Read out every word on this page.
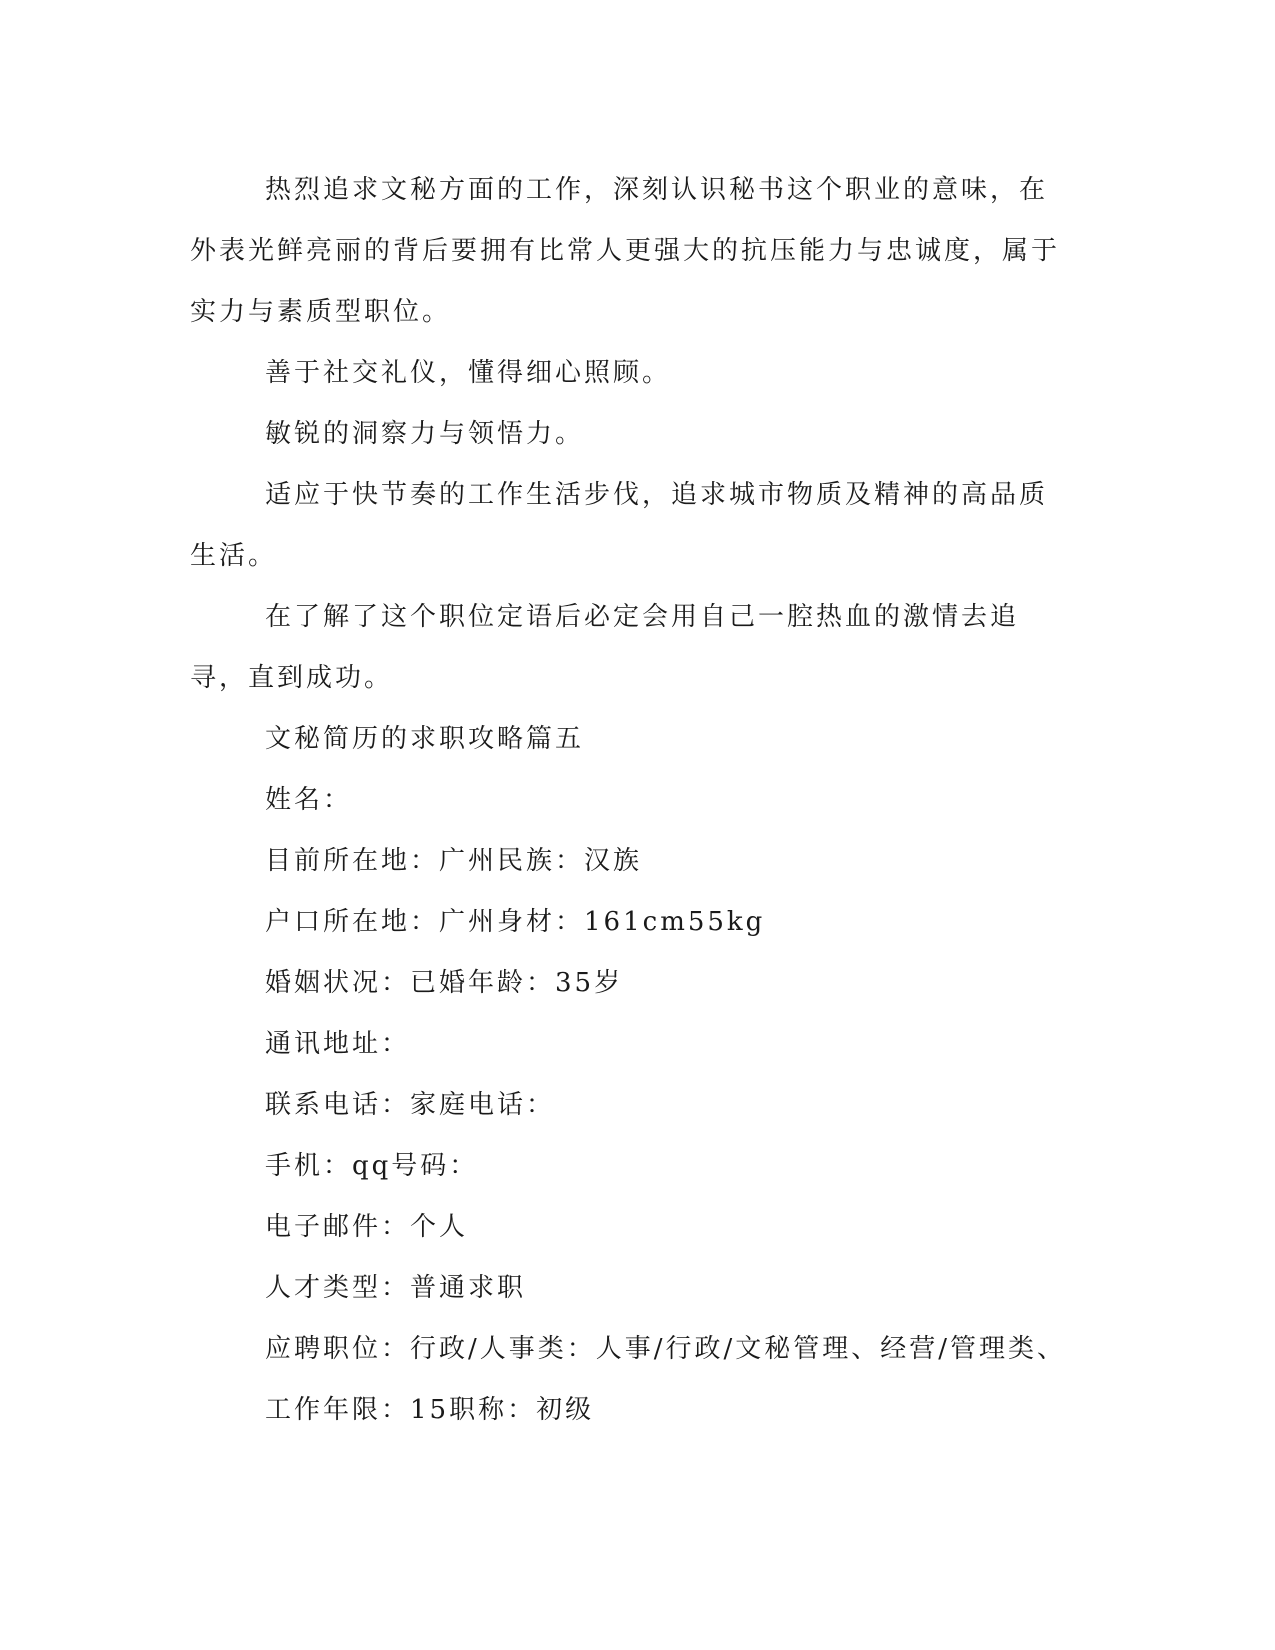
热烈追求文秘方面的工作，深刻认识秘书这个职业的意味，在外表光鲜亮丽的背后要拥有比常人更强大的抗压能力与忠诚度，属于实力与素质型职位。

善于社交礼仪，懂得细心照顾。

敏锐的洞察力与领悟力。

适应于快节奏的工作生活步伐，追求城市物质及精神的高品质生活。

在了解了这个职位定语后必定会用自己一腔热血的激情去追寻，直到成功。

文秘简历的求职攻略篇五

姓名：

目前所在地：广州民族：汉族

户口所在地：广州身材：161cm55kg

婚姻状况：已婚年龄：35岁

通讯地址：

联系电话：家庭电话：

手机：qq号码：

电子邮件：个人

人才类型：普通求职

应聘职位：行政/人事类：人事/行政/文秘管理、经营/管理类、

工作年限：15职称：初级
